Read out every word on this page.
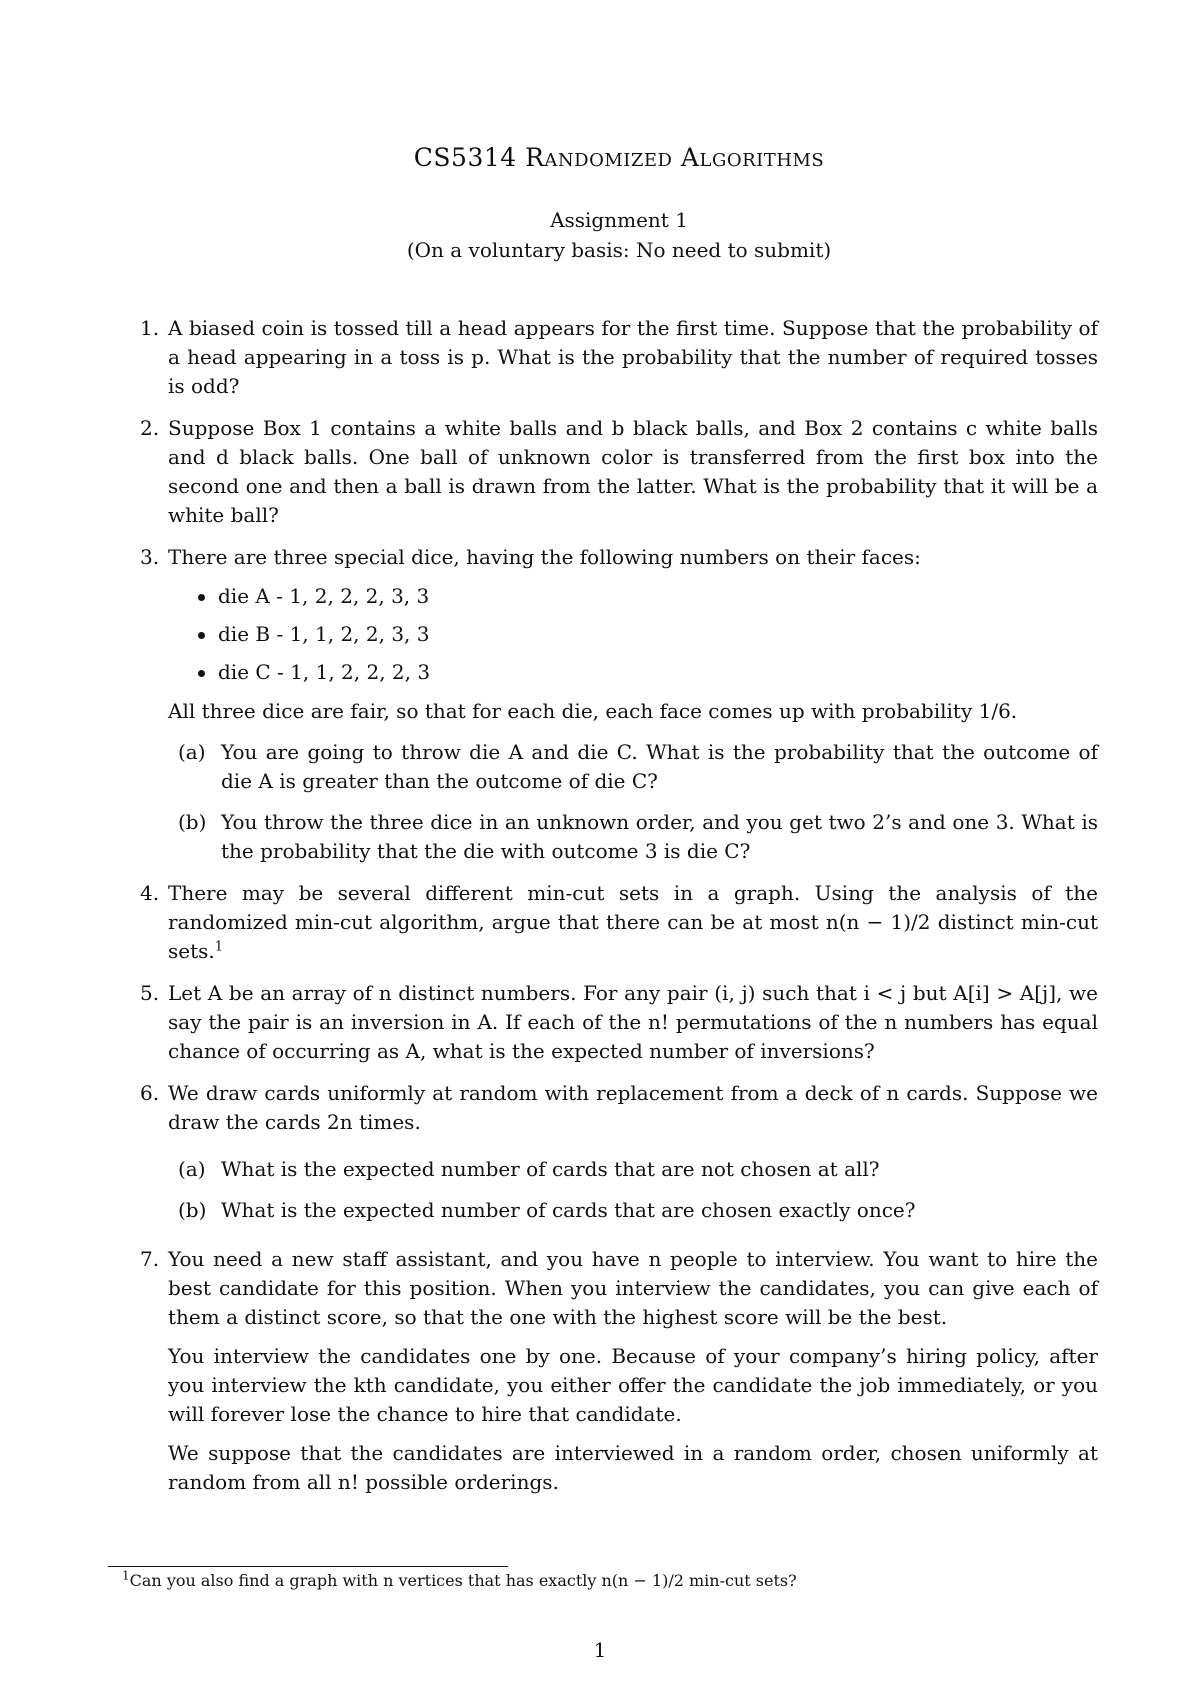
CS5314 Randomized Algorithms
Assignment 1
(On a voluntary basis: No need to submit)
1. A biased coin is tossed till a head appears for the first time. Suppose that the probability of a head appearing in a toss is p. What is the probability that the number of required tosses is odd?

2. Suppose Box 1 contains a white balls and b black balls, and Box 2 contains c white balls and d black balls. One ball of unknown color is transferred from the first box into the second one and then a ball is drawn from the latter. What is the probability that it will be a white ball?

3. There are three special dice, having the following numbers on their faces:

die A - 1, 2, 2, 2, 3, 3
die B - 1, 1, 2, 2, 3, 3
die C - 1, 1, 2, 2, 2, 3

All three dice are fair, so that for each die, each face comes up with probability 1/6.

(a) You are going to throw die A and die C. What is the probability that the outcome of die A is greater than the outcome of die C?
(b) You throw the three dice in an unknown order, and you get two 2’s and one 3. What is the probability that the die with outcome 3 is die C?
4. There may be several different min-cut sets in a graph. Using the analysis of the randomized min-cut algorithm, argue that there can be at most n(n − 1)/2 distinct min-cut sets.$^1$

5. Let A be an array of n distinct numbers. For any pair (i, j) such that i < j but A[i] > A[j], we say the pair is an inversion in A. If each of the n! permutations of the n numbers has equal chance of occurring as A, what is the expected number of inversions?

6. We draw cards uniformly at random with replacement from a deck of n cards. Suppose we draw the cards 2n times.

(a) What is the expected number of cards that are not chosen at all?
(b) What is the expected number of cards that are chosen exactly once?
7. You need a new staff assistant, and you have n people to interview. You want to hire the best candidate for this position. When you interview the candidates, you can give each of them a distinct score, so that the one with the highest score will be the best.

You interview the candidates one by one. Because of your company’s hiring policy, after you interview the kth candidate, you either offer the candidate the job immediately, or you will forever lose the chance to hire that candidate.

We suppose that the candidates are interviewed in a random order, chosen uniformly at random from all n! possible orderings.

$^1$Can you also find a graph with n vertices that has exactly n(n − 1)/2 min-cut sets?
1
